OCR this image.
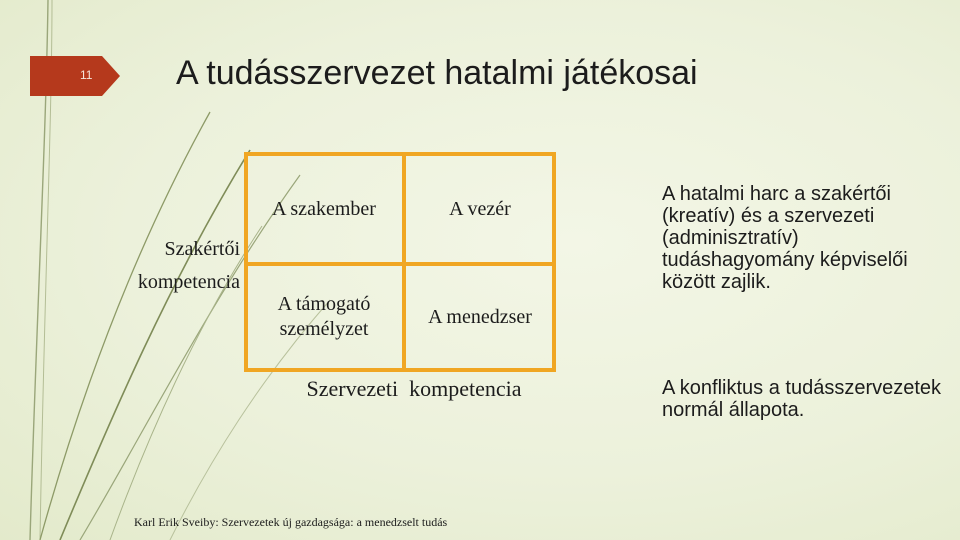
11 A tudásszervezet hatalmi játékosai
A szakember	A vezér
A támogató személyzet
A menedzser
Szakértői kompetencia
Szervezeti  kompetencia
A hatalmi harc a szakértői (kreatív) és a szervezeti (adminisztratív) tudáshagyomány képviselői között zajlik.
A konfliktus a tudásszervezetek normál állapota.
Karl Erik Sveiby: Szervezetek új gazdagsága: a menedzselt tudás
